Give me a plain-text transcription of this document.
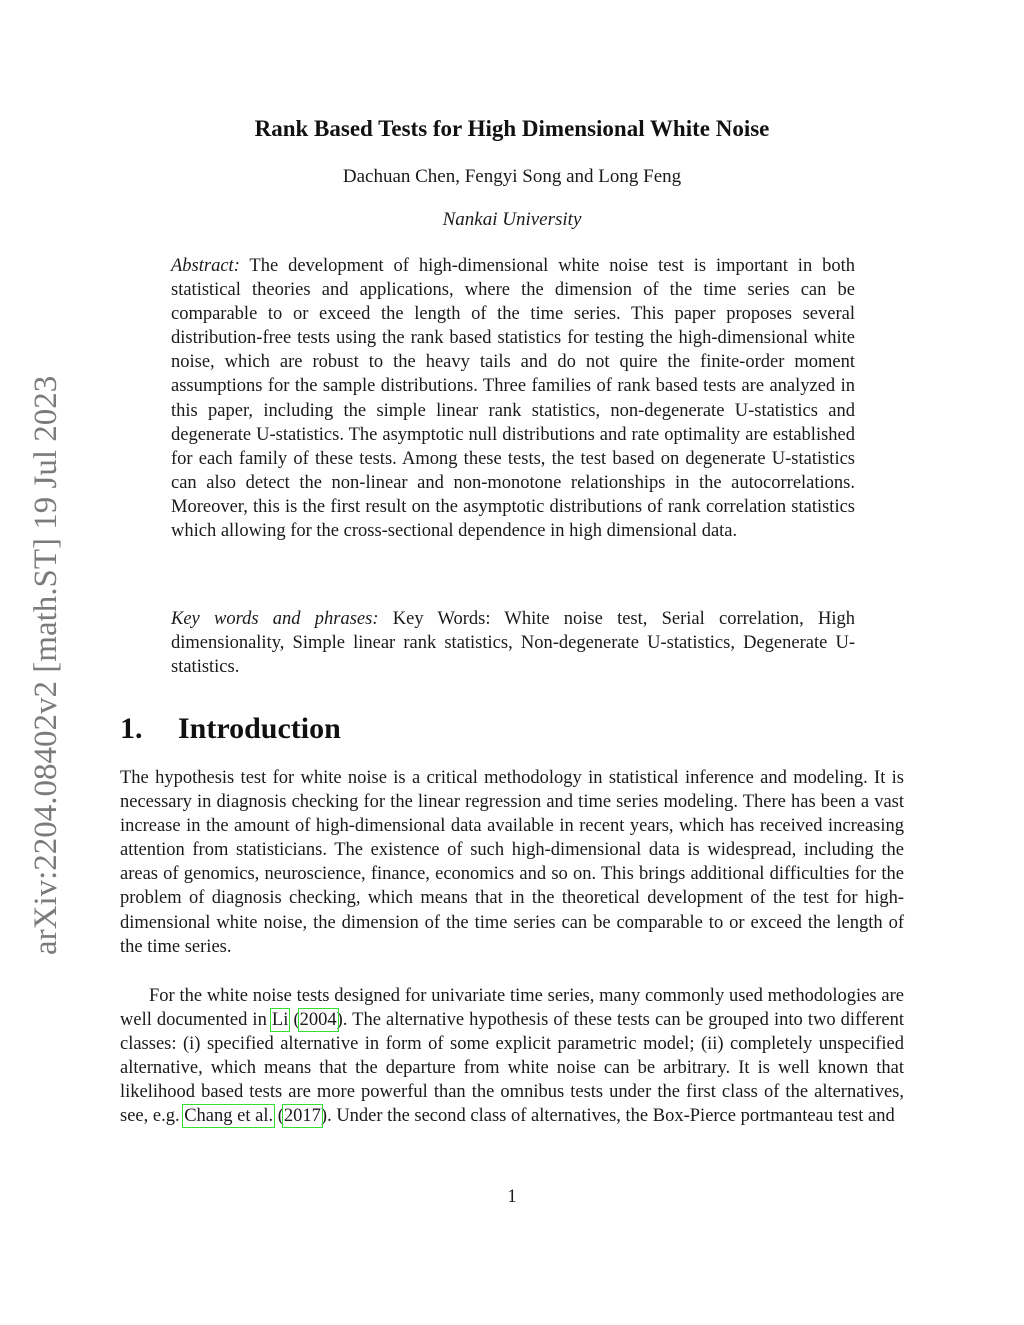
arXiv:2204.08402v2 [math.ST] 19 Jul 2023
Rank Based Tests for High Dimensional White Noise
Dachuan Chen, Fengyi Song and Long Feng
Nankai University
Abstract: The development of high-dimensional white noise test is important in both statistical theories and applications, where the dimension of the time series can be comparable to or exceed the length of the time series. This paper proposes several distribution-free tests using the rank based statistics for testing the high-dimensional white noise, which are robust to the heavy tails and do not quire the finite-order moment assumptions for the sample distributions. Three families of rank based tests are analyzed in this paper, including the simple linear rank statistics, non-degenerate U-statistics and degenerate U-statistics. The asymptotic null distributions and rate optimality are established for each family of these tests. Among these tests, the test based on degenerate U-statistics can also detect the non-linear and non-monotone relationships in the autocorrelations. Moreover, this is the first result on the asymptotic distributions of rank correlation statistics which allowing for the cross-sectional dependence in high dimensional data.
Key words and phrases: Key Words: White noise test, Serial correlation, High dimensionality, Simple linear rank statistics, Non-degenerate U-statistics, Degenerate U-statistics.
1. Introduction
The hypothesis test for white noise is a critical methodology in statistical inference and modeling. It is necessary in diagnosis checking for the linear regression and time series modeling. There has been a vast increase in the amount of high-dimensional data available in recent years, which has received increasing attention from statisticians. The existence of such high-dimensional data is widespread, including the areas of genomics, neuroscience, finance, economics and so on. This brings additional difficulties for the problem of diagnosis checking, which means that in the theoretical development of the test for high-dimensional white noise, the dimension of the time series can be comparable to or exceed the length of the time series.
For the white noise tests designed for univariate time series, many commonly used methodologies are well documented in Li (2004). The alternative hypothesis of these tests can be grouped into two different classes: (i) specified alternative in form of some explicit parametric model; (ii) completely unspecified alternative, which means that the departure from white noise can be arbitrary. It is well known that likelihood based tests are more powerful than the omnibus tests under the first class of the alternatives, see, e.g. Chang et al. (2017). Under the second class of alternatives, the Box-Pierce portmanteau test and
1
